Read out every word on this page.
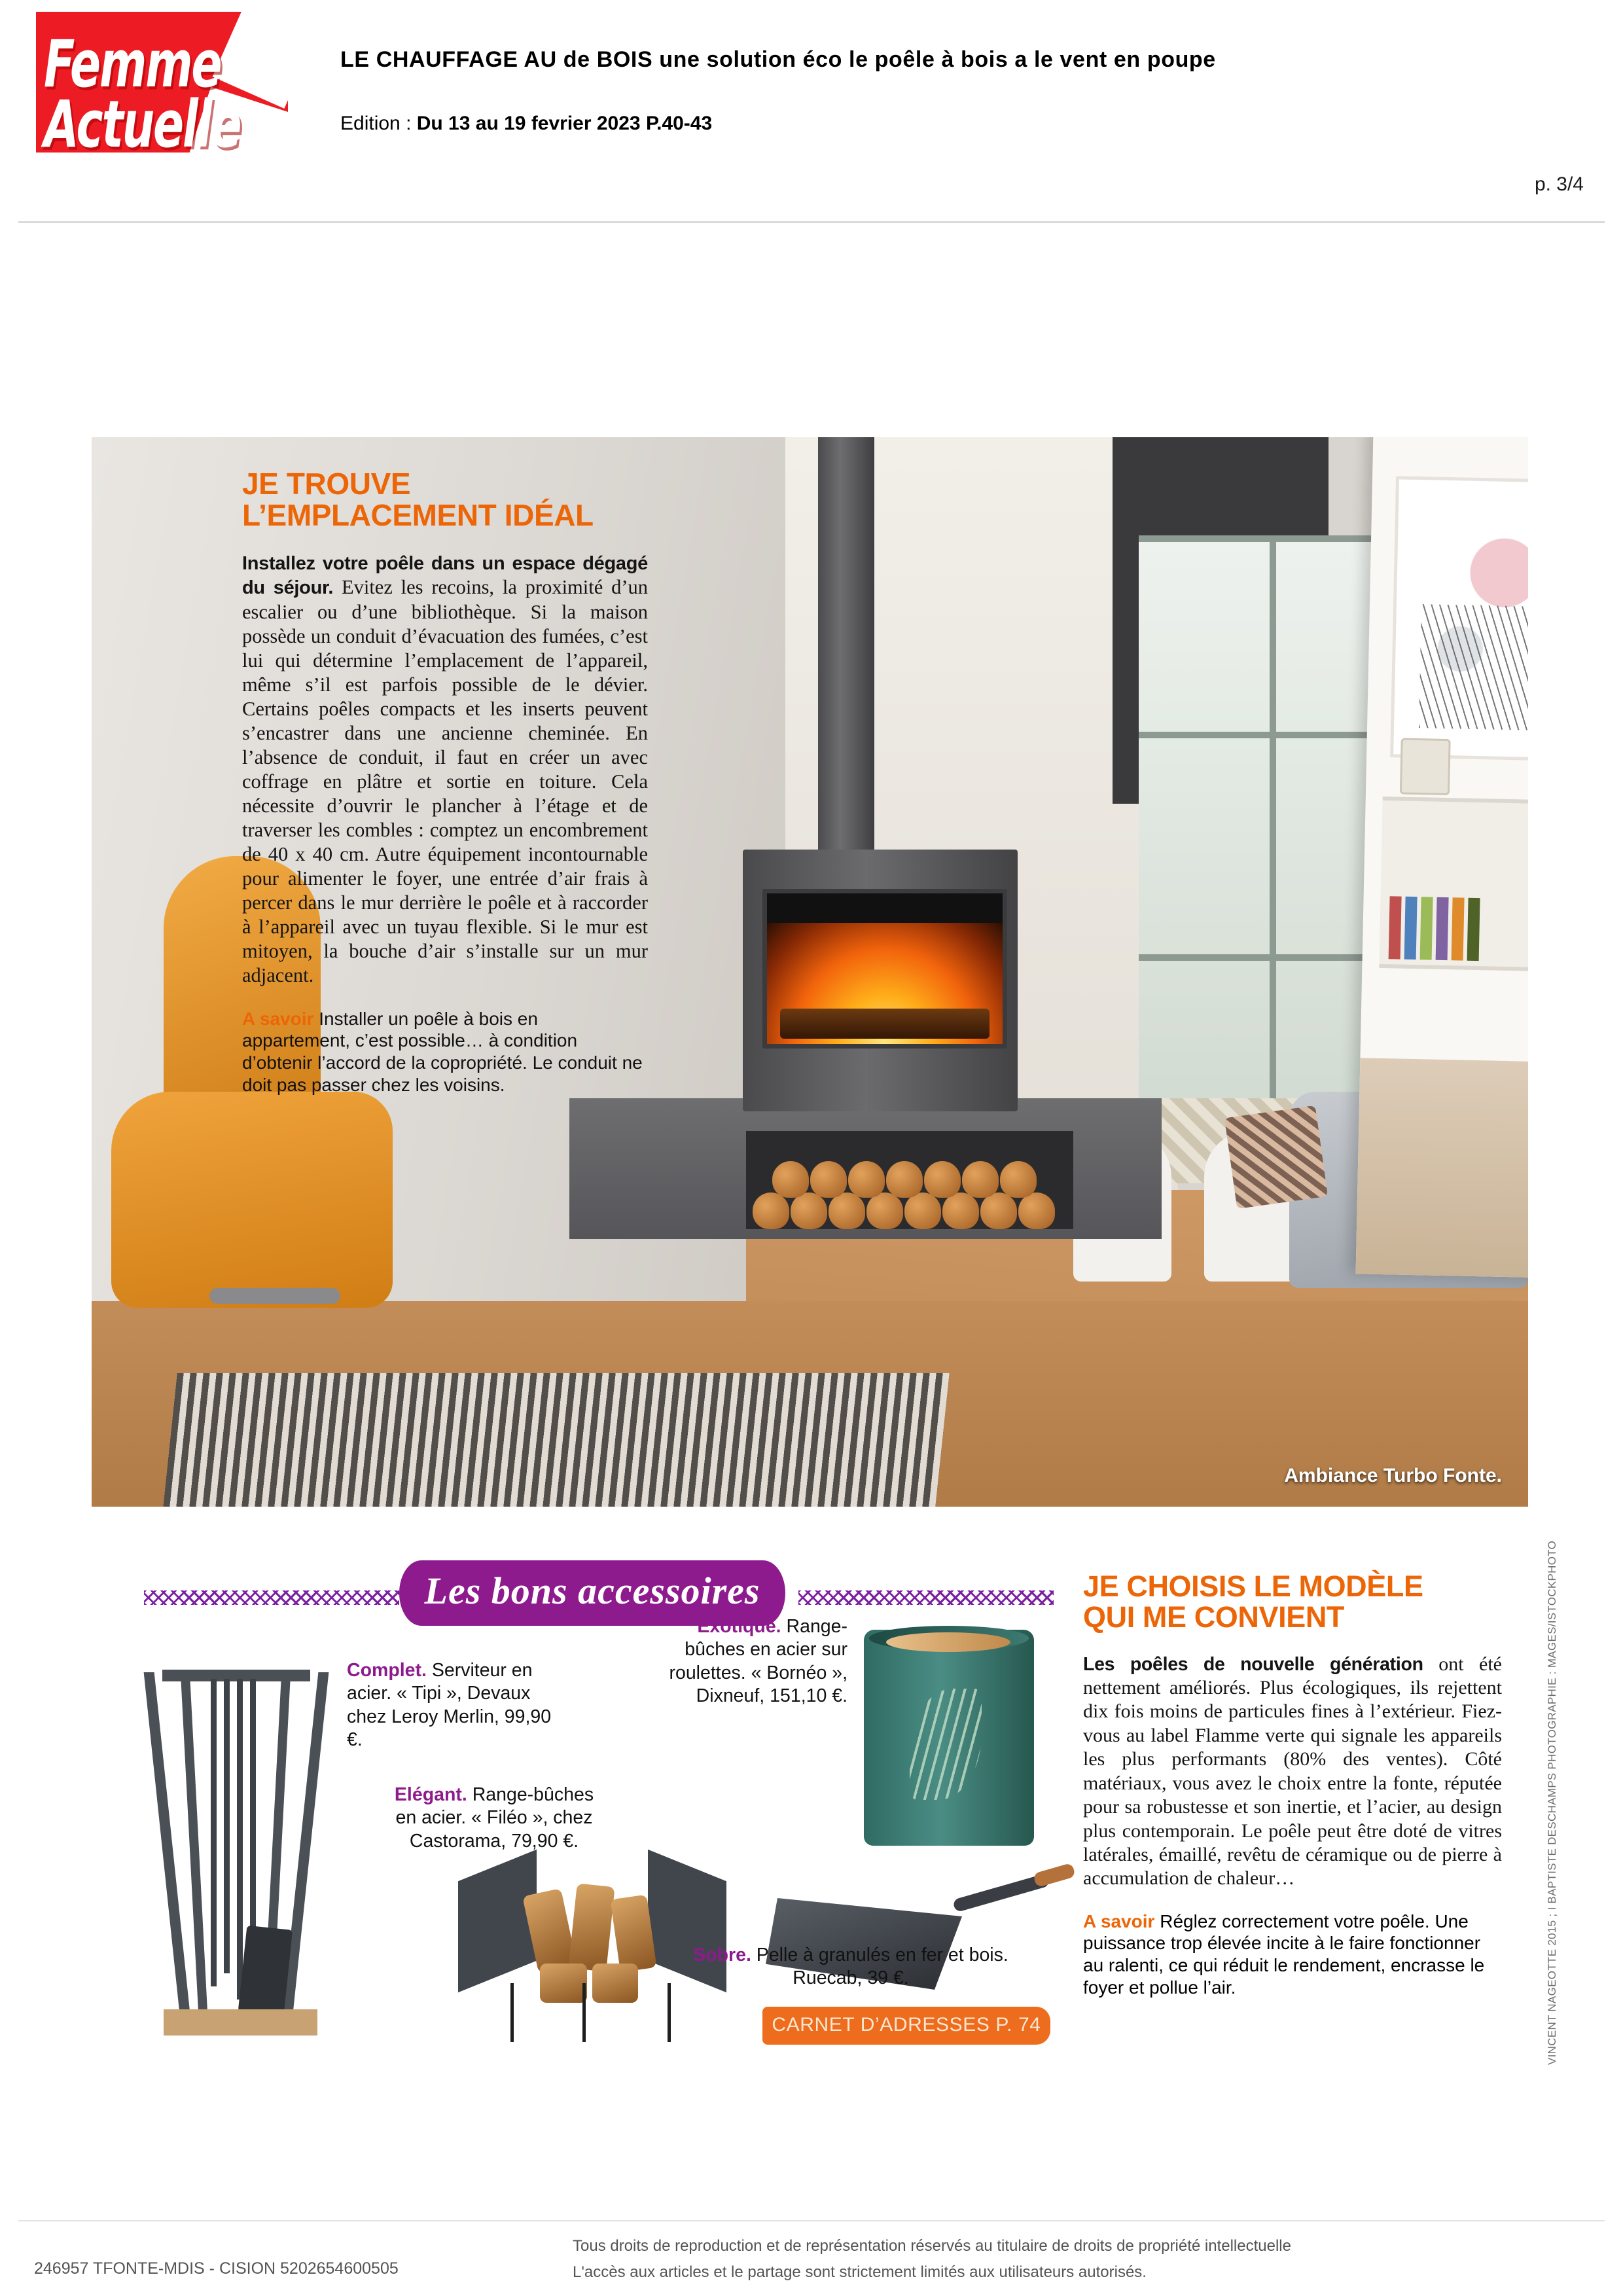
Femme
Actuelle
LE CHAUFFAGE AU de BOIS une solution éco le poêle à bois a le vent en poupe
Edition : Du 13 au 19 fevrier 2023 P.40-43
p. 3/4
JE TROUVE
L’EMPLACEMENT IDÉAL

Installez votre poêle dans un espace dégagé du séjour. Evitez les recoins, la proximité d’un escalier ou d’une bibliothèque. Si la maison possède un conduit d’évacuation des fumées, c’est lui qui détermine l’emplacement de l’appareil, même s’il est parfois possible de le dévier. Certains poêles compacts et les inserts peuvent s’encastrer dans une ancienne cheminée. En l’absence de conduit, il faut en créer un avec coffrage en plâtre et sortie en toiture. Cela nécessite d’ouvrir le plancher à l’étage et de traverser les combles : comptez un encombrement de 40 x 40 cm. Autre équipement incontournable pour alimenter le foyer, une entrée d’air frais à percer dans le mur derrière le poêle et à raccorder à l’appareil avec un tuyau flexible. Si le mur est mitoyen, la bouche d’air s’installe sur un mur adjacent.

A savoir Installer un poêle à bois en appartement, c’est possible… à condition d’obtenir l’accord de la copropriété. Le conduit ne doit pas passer chez les voisins.

Ambiance Turbo Fonte.
Les bons accessoires
Complet. Serviteur en acier. « Tipi », Devaux chez Leroy Merlin, 99,90 €.
Elégant. Range-bûches en acier. « Filéo », chez Castorama, 79,90 €.
Exotique. Range-bûches en acier sur roulettes. « Bornéo », Dixneuf, 151,10 €.
Sobre. Pelle à granulés en fer et bois. Ruecab, 39 €.
CARNET D’ADRESSES P. 74
JE CHOISIS LE MODÈLE
QUI ME CONVIENT

Les poêles de nouvelle génération ont été nettement améliorés. Plus écologiques, ils rejettent dix fois moins de particules fines à l’extérieur. Fiez-vous au label Flamme verte qui signale les appareils les plus performants (80% des ventes). Côté matériaux, vous avez le choix entre la fonte, réputée pour sa robustesse et son inertie, et l’acier, au design plus contemporain. Le poêle peut être doté de vitres latérales, émaillé, revêtu de céramique ou de pierre à accumulation de chaleur…

A savoir Réglez correctement votre poêle. Une puissance trop élevée incite à le faire fonctionner au ralenti, ce qui réduit le rendement, encrasse le foyer et pollue l’air.	VINCENT NAGEOTTE 2015 ; I BAPTISTE DESCHAMPS PHOTOGRAPHIE : MAGES/ISTOCKPHOTO
246957 TFONTE-MDIS - CISION 5202654600505
Tous droits de reproduction et de représentation réservés au titulaire de droits de propriété intellectuelle
L'accès aux articles et le partage sont strictement limités aux utilisateurs autorisés.
